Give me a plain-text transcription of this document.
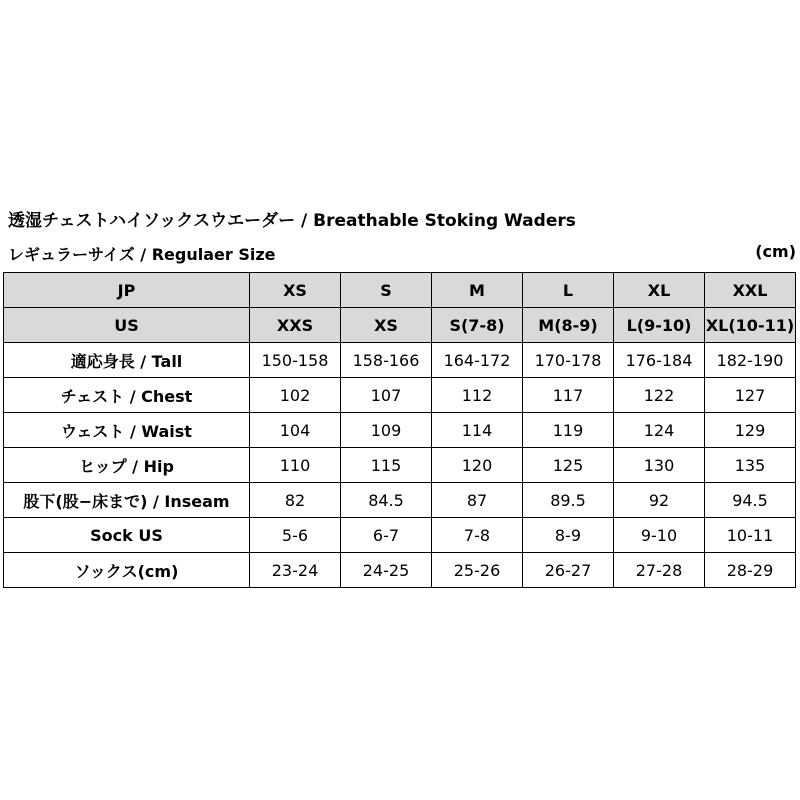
透湿チェストハイソックスウエーダー / Breathable Stoking Waders
レギュラーサイズ / Regulaer Size	(cm)
JP	XS	S	M	L	XL	XXL
US	XXS	XS	S(7-8)	M(8-9)	L(9-10)	XL(10-11)
適応身長 / Tall	150-158	158-166	164-172	170-178	176-184	182-190
チェスト / Chest	102	107	112	117	122	127
ウェスト / Waist	104	109	114	119	124	129
ヒップ / Hip	110	115	120	125	130	135
股下(股−床まで) / Inseam	82	84.5	87	89.5	92	94.5
Sock US	5-6	6-7	7-8	8-9	9-10	10-11
ソックス(cm)	23-24	24-25	25-26	26-27	27-28	28-29
